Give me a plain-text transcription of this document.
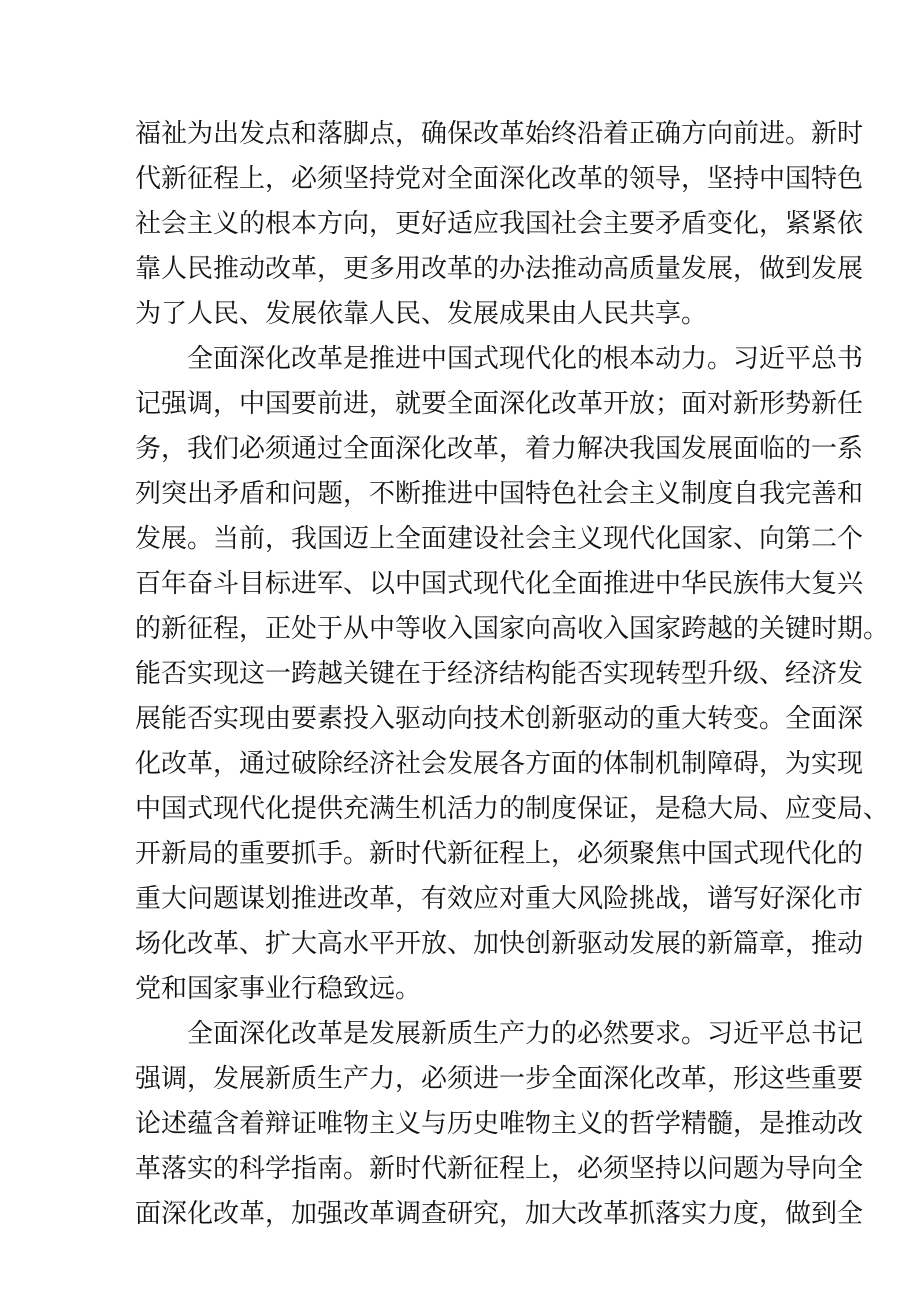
福祉为出发点和落脚点，确保改革始终沿着正确方向前进。新时
代新征程上，必须坚持党对全面深化改革的领导，坚持中国特色
社会主义的根本方向，更好适应我国社会主要矛盾变化，紧紧依
靠人民推动改革，更多用改革的办法推动高质量发展，做到发展
为了人民、发展依靠人民、发展成果由人民共享。
全面深化改革是推进中国式现代化的根本动力。习近平总书
记强调，中国要前进，就要全面深化改革开放；面对新形势新任
务，我们必须通过全面深化改革，着力解决我国发展面临的一系
列突出矛盾和问题，不断推进中国特色社会主义制度自我完善和
发展。当前，我国迈上全面建设社会主义现代化国家、向第二个
百年奋斗目标进军、以中国式现代化全面推进中华民族伟大复兴
的新征程，正处于从中等收入国家向高收入国家跨越的关键时期。
能否实现这一跨越关键在于经济结构能否实现转型升级、经济发
展能否实现由要素投入驱动向技术创新驱动的重大转变。全面深
化改革，通过破除经济社会发展各方面的体制机制障碍，为实现
中国式现代化提供充满生机活力的制度保证，是稳大局、应变局、
开新局的重要抓手。新时代新征程上，必须聚焦中国式现代化的
重大问题谋划推进改革，有效应对重大风险挑战，谱写好深化市
场化改革、扩大高水平开放、加快创新驱动发展的新篇章，推动
党和国家事业行稳致远。
全面深化改革是发展新质生产力的必然要求。习近平总书记
强调，发展新质生产力，必须进一步全面深化改革，形这些重要
论述蕴含着辩证唯物主义与历史唯物主义的哲学精髓，是推动改
革落实的科学指南。新时代新征程上，必须坚持以问题为导向全
面深化改革，加强改革调查研究，加大改革抓落实力度，做到全
